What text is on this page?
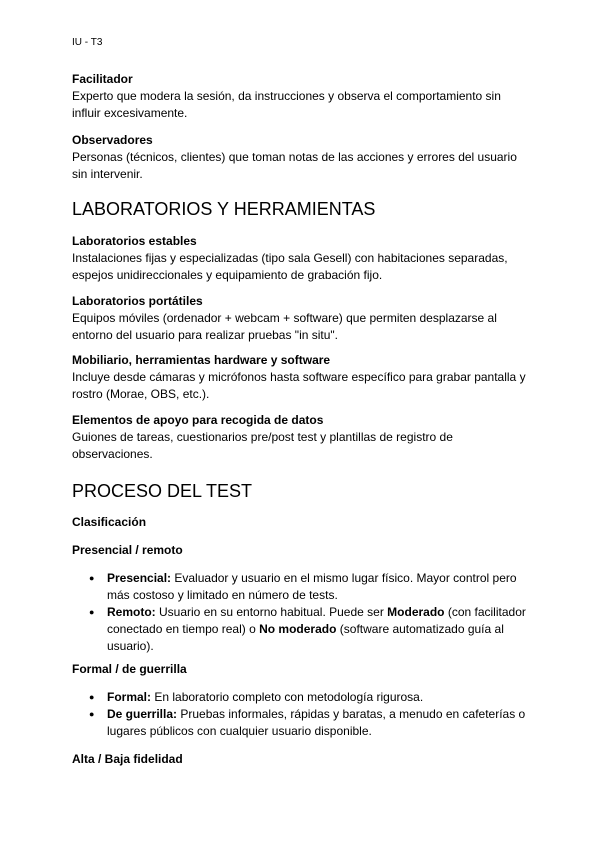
IU - T3
Facilitador
Experto que modera la sesión, da instrucciones y observa el comportamiento sin influir excesivamente.
Observadores
Personas (técnicos, clientes) que toman notas de las acciones y errores del usuario sin intervenir.
LABORATORIOS Y HERRAMIENTAS
Laboratorios estables
Instalaciones fijas y especializadas (tipo sala Gesell) con habitaciones separadas, espejos unidireccionales y equipamiento de grabación fijo.
Laboratorios portátiles
Equipos móviles (ordenador + webcam + software) que permiten desplazarse al entorno del usuario para realizar pruebas "in situ".
Mobiliario, herramientas hardware y software
Incluye desde cámaras y micrófonos hasta software específico para grabar pantalla y rostro (Morae, OBS, etc.).
Elementos de apoyo para recogida de datos
Guiones de tareas, cuestionarios pre/post test y plantillas de registro de observaciones.
PROCESO DEL TEST
Clasificación
Presencial / remoto
● Presencial: Evaluador y usuario en el mismo lugar físico. Mayor control pero más costoso y limitado en número de tests.
● Remoto: Usuario en su entorno habitual. Puede ser Moderado (con facilitador conectado en tiempo real) o No moderado (software automatizado guía al usuario).
Formal / de guerrilla
● Formal: En laboratorio completo con metodología rigurosa.
● De guerrilla: Pruebas informales, rápidas y baratas, a menudo en cafeterías o lugares públicos con cualquier usuario disponible.
Alta / Baja fidelidad
